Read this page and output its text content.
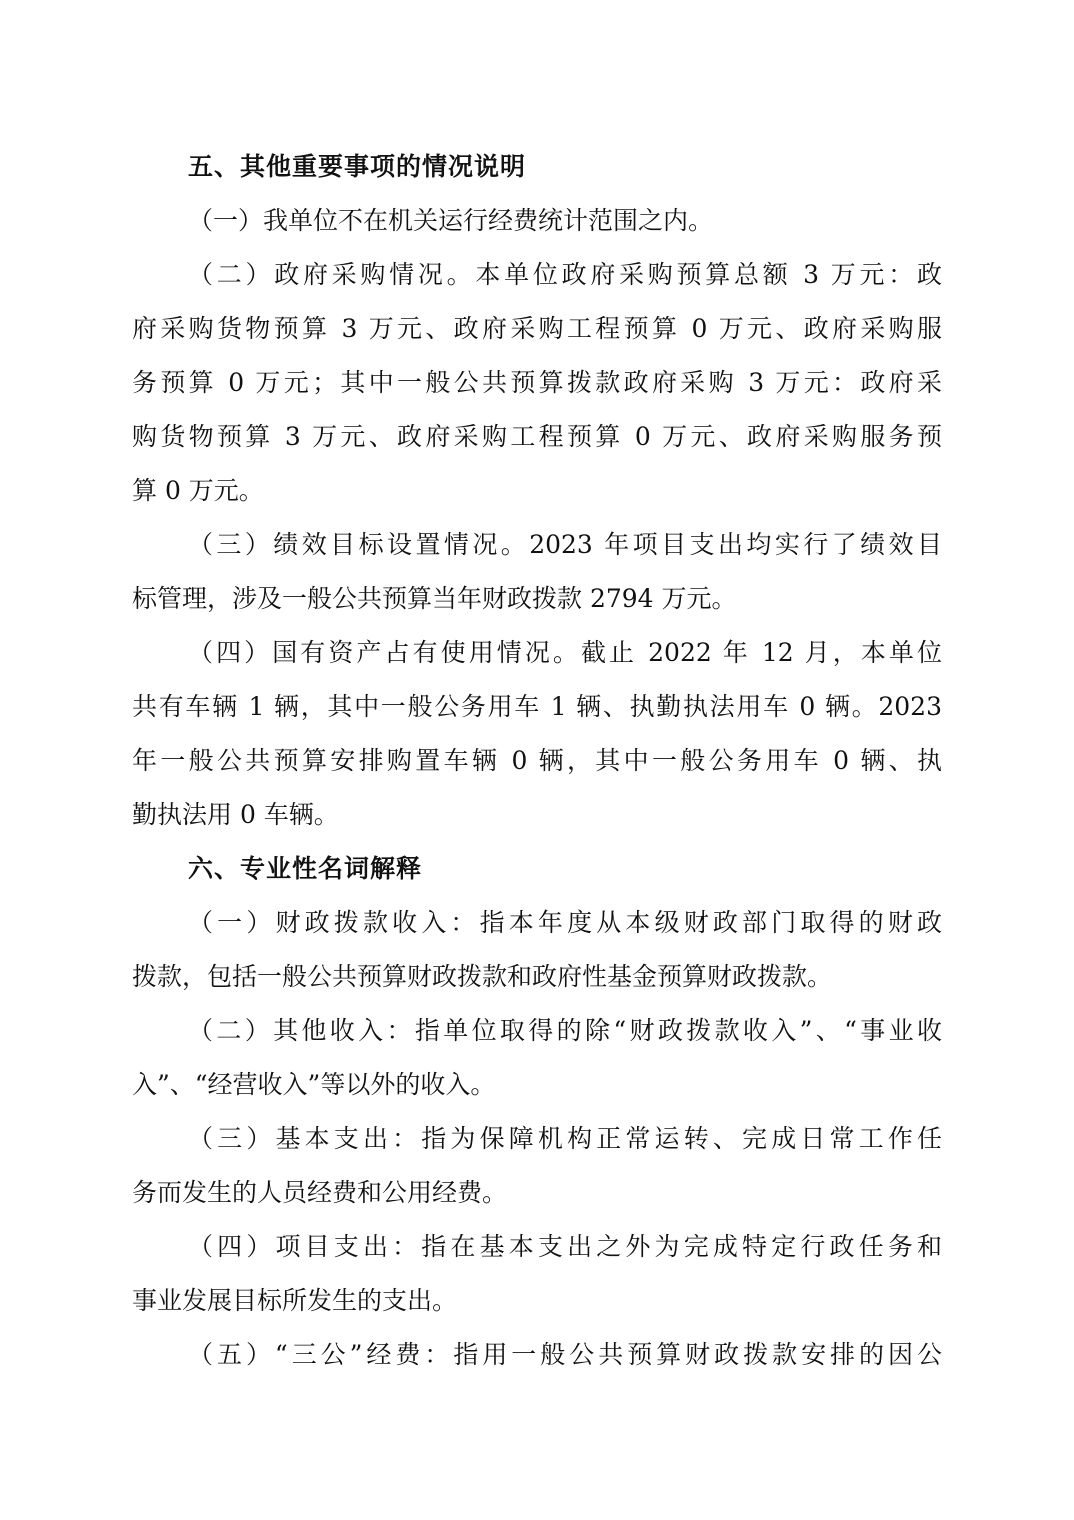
五、其他重要事项的情况说明
（一）我单位不在机关运行经费统计范围之内。
（二）政府采购情况。本单位政府采购预算总额 3 万元：政
府采购货物预算 3 万元、政府采购工程预算 0 万元、政府采购服
务预算 0 万元；其中一般公共预算拨款政府采购 3 万元：政府采
购货物预算 3 万元、政府采购工程预算 0 万元、政府采购服务预
算 0 万元。
（三）绩效目标设置情况。2023 年项目支出均实行了绩效目
标管理，涉及一般公共预算当年财政拨款 2794 万元。
（四）国有资产占有使用情况。截止 2022 年 12 月，本单位
共有车辆 1 辆，其中一般公务用车 1 辆、执勤执法用车 0 辆。2023
年一般公共预算安排购置车辆 0 辆，其中一般公务用车 0 辆、执
勤执法用 0 车辆。
六、专业性名词解释
（一）财政拨款收入：指本年度从本级财政部门取得的财政
拨款，包括一般公共预算财政拨款和政府性基金预算财政拨款。
（二）其他收入：指单位取得的除“财政拨款收入”、“事业收
入”、“经营收入”等以外的收入。
（三）基本支出：指为保障机构正常运转、完成日常工作任
务而发生的人员经费和公用经费。
（四）项目支出：指在基本支出之外为完成特定行政任务和
事业发展目标所发生的支出。
（五）“三公”经费：指用一般公共预算财政拨款安排的因公
